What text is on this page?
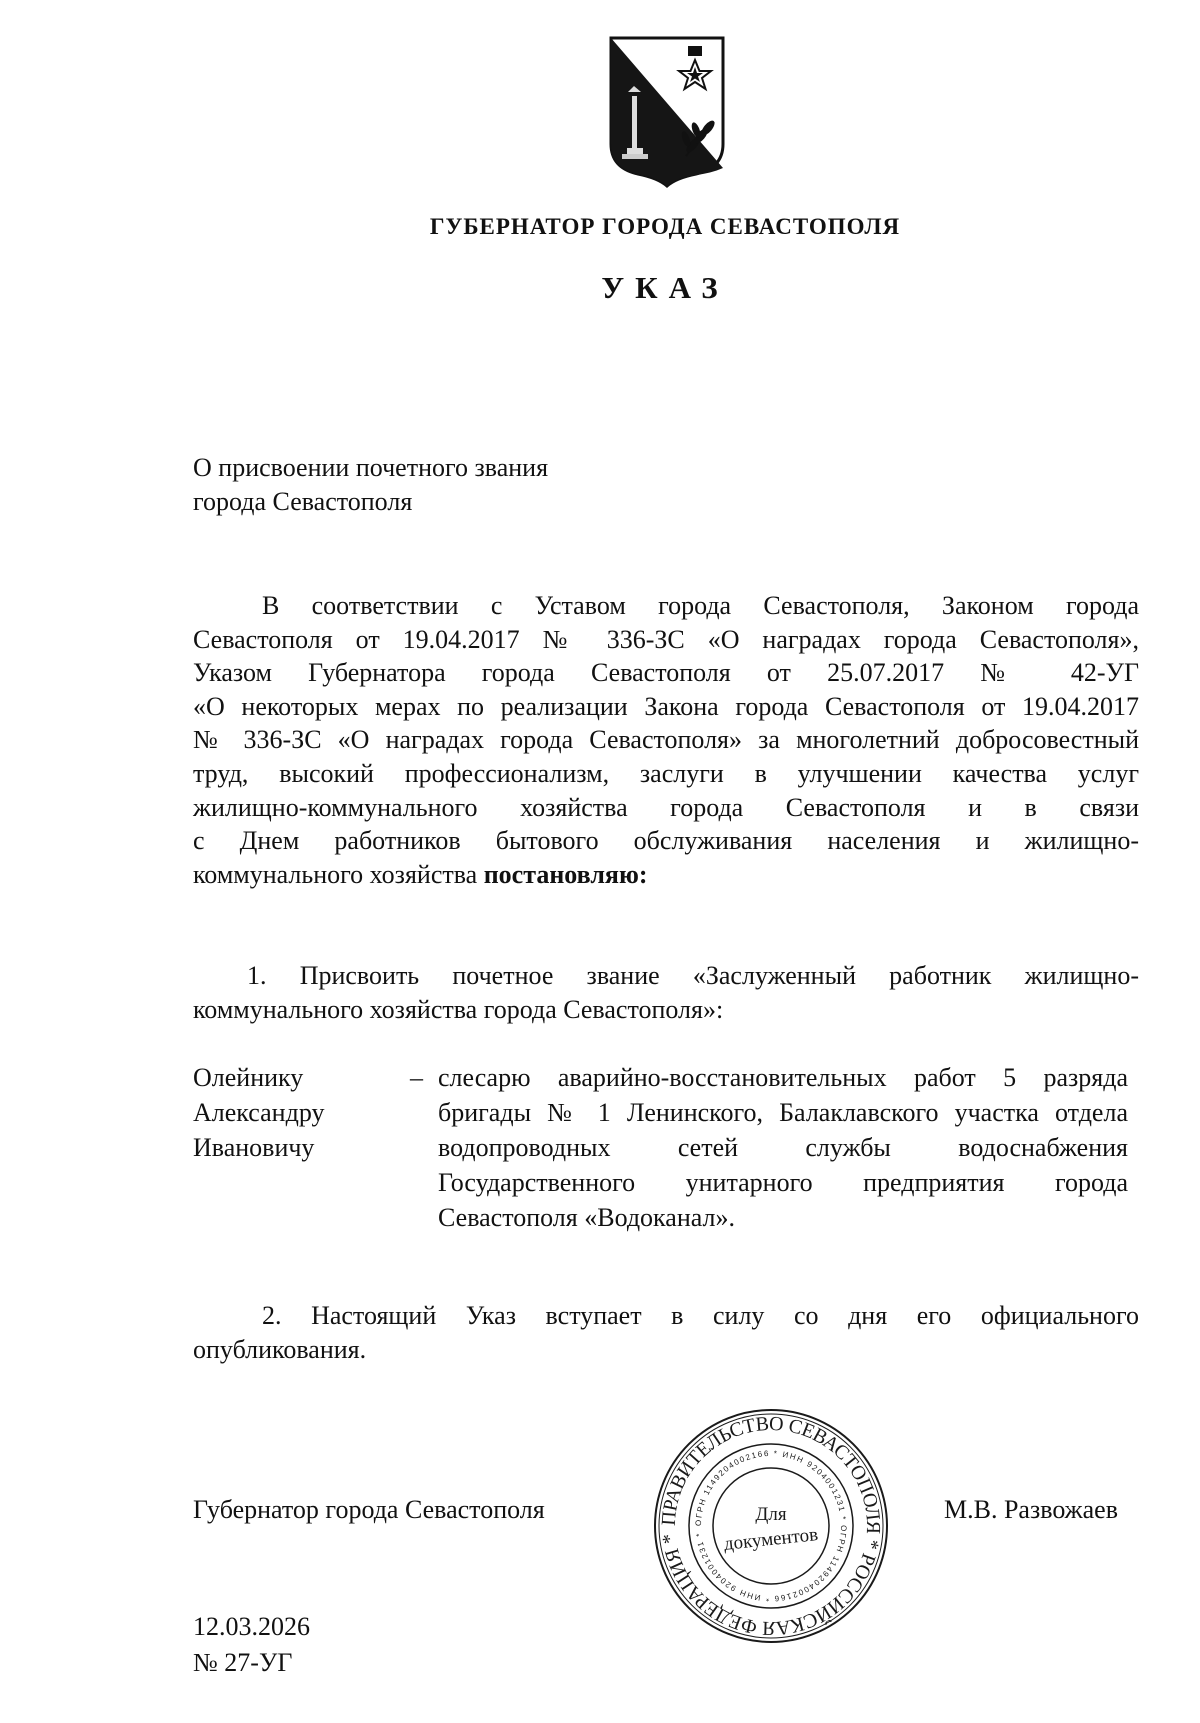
ГУБЕРНАТОР ГОРОДА СЕВАСТОПОЛЯ
УКАЗ
О присвоении почетного звания
города Севастополя
В соответствии с Уставом города Севастополя, Законом города
Севастополя от 19.04.2017 № 336-ЗС «О наградах города Севастополя»,
Указом Губернатора города Севастополя от 25.07.2017 № 42-УГ
«О некоторых мерах по реализации Закона города Севастополя от 19.04.2017
№ 336-ЗС «О наградах города Севастополя» за многолетний добросовестный
труд, высокий профессионализм, заслуги в улучшении качества услуг
жилищно-коммунального хозяйства города Севастополя и в связи
с Днем работников бытового обслуживания населения и жилищно-
коммунального хозяйства постановляю:
1. Присвоить почетное звание «Заслуженный работник жилищно-
коммунального хозяйства города Севастополя»:
Олейнику
Александру
Ивановичу
– слесарю аварийно-восстановительных работ 5 разряда
бригады № 1 Ленинского, Балаклавского участка отдела
водопроводных сетей службы водоснабжения
Государственного унитарного предприятия города
Севастополя «Водоканал».
2. Настоящий Указ вступает в силу со дня его официального
опубликования.
Губернатор города Севастополя	М.В. Развожаев
ПРАВИТЕЛЬСТВО СЕВАСТОПОЛЯ * РОССИЙСКАЯ ФЕДЕРАЦИЯ *
ОГРН 1149204002166 * ИНН 9204001231 * ОГРН 1149204002166 * ИНН 9204001231 *
Для
документов
12.03.2026
№ 27-УГ
